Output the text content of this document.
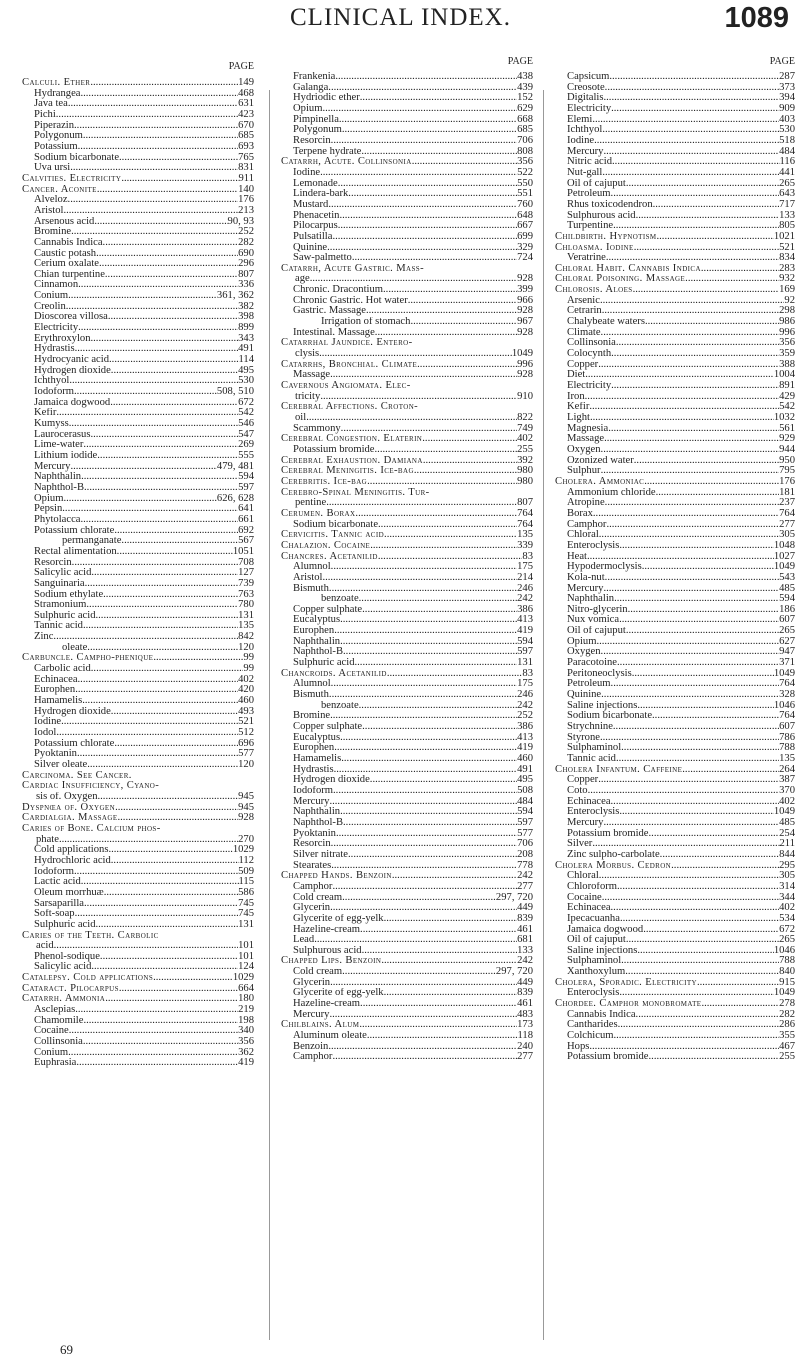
CLINICAL INDEX.	1089
PAGE
Calculi. Ether .....	149
Hydrangea .....	468
Java tea .....	631
Pichi .....	423
Piperazin .....	670
Polygonum .....	685
Potassium .....	693
Sodium bicarbonate .....	765
Uva ursi .....	831
Calvities. Electricity .....	911
Cancer. Aconite .....	140
Alveloz .....	176
Aristol .....	213
Arsenous acid .....	90, 93
Bromine .....	252
Cannabis Indica .....	282
Caustic potash .....	690
Cerium oxalate .....	296
Chian turpentine .....	807
Cinnamon .....	336
Conium .....	361, 362
Creolin .....	382
Dioscorea villosa .....	398
Electricity .....	899
Erythroxylon .....	343
Hydrastis .....	491
Hydrocyanic acid .....	114
Hydrogen dioxide .....	495
Ichthyol .....	530
Iodoform .....	508, 510
Jamaica dogwood .....	672
Kefir .....	542
Kumyss .....	546
Laurocerasus .....	547
Lime-water .....	269
Lithium iodide .....	555
Mercury .....	479, 481
Naphthalin .....	594
Naphthol-B .....	597
Opium .....	626, 628
Pepsin .....	641
Phytolacca .....	661
Potassium chlorate .....	692
permanganate .....	567
Rectal alimentation .....	1051
Resorcin .....	708
Salicylic acid .....	127
Sanguinaria .....	739
Sodium ethylate .....	763
Stramonium .....	780
Sulphuric acid .....	131
Tannic acid .....	135
Zinc .....	842
oleate .....	120
Carbuncle. Campho-phenique .....	99
Carbolic acid .....	99
Echinacea .....	402
Europhen .....	420
Hamamelis .....	460
Hydrogen dioxide .....	493
Iodine .....	521
Iodol .....	512
Potassium chlorate .....	696
Pyoktanin .....	577
Silver oleate .....	120
Carcinoma. See Cancer.
Cardiac Insufficiency, Cyano-
sis of. Oxygen .....	945
Dyspnœa of. Oxygen .....	945
Cardialgia. Massage .....	928
Caries of Bone. Calcium phos-
phate .....	270
Cold applications .....	1029
Hydrochloric acid .....	112
Iodoform .....	509
Lactic acid .....	115
Oleum morrhuæ .....	586
Sarsaparilla .....	745
Soft-soap .....	745
Sulphuric acid .....	131
Caries of the Teeth. Carbolic
acid .....	101
Phenol-sodique .....	101
Salicylic acid .....	124
Catalepsy. Cold applications .....	1029
Cataract. Pilocarpus .....	664
Catarrh. Ammonia .....	180
Asclepias .....	219
Chamomile .....	198
Cocaine .....	340
Collinsonia .....	356
Conium .....	362
Euphrasia .....	419
PAGE
Frankenia .....	438
Galanga .....	439
Hydriodic ether .....	152
Opium .....	629
Pimpinella .....	668
Polygonum .....	685
Resorcin .....	706
Terpene hydrate .....	808
Catarrh, Acute. Collinsonia .....	356
Iodine .....	522
Lemonade .....	550
Lindera-bark .....	551
Mustard .....	760
Phenacetin .....	648
Pilocarpus .....	667
Pulsatilla .....	699
Quinine .....	329
Saw-palmetto .....	724
Catarrh, Acute Gastric. Mass-
age .....	928
Chronic. Dracontium .....	399
Chronic Gastric. Hot water .....	966
Gastric. Massage .....	928
Irrigation of stomach .....	967
Intestinal. Massage .....	928
Catarrhal Jaundice. Entero-
clysis .....	1049
Catarrhs, Bronchial. Climate .....	996
Massage .....	928
Cavernous Angiomata. Elec-
tricity .....	910
Cerebral Affections. Croton-
oil .....	822
Scammony .....	749
Cerebral Congestion. Elaterin .....	402
Potassium bromide .....	255
Cerebral Exhaustion. Damiana .....	392
Cerebral Meningitis. Ice-bag .....	980
Cerebritis. Ice-bag .....	980
Cerebro-Spinal Meningitis. Tur-
pentine .....	807
Cerumen. Borax .....	764
Sodium bicarbonate .....	764
Cervicitis. Tannic acid .....	135
Chalazion. Cocaine .....	339
Chancres. Acetanilid .....	83
Alumnol .....	175
Aristol .....	214
Bismuth .....	246
benzoate .....	242
Copper sulphate .....	386
Eucalyptus .....	413
Europhen .....	419
Naphthalin .....	594
Naphthol-B .....	597
Sulphuric acid .....	131
Chancroids. Acetanilid .....	83
Alumnol .....	175
Bismuth .....	246
benzoate .....	242
Bromine .....	252
Copper sulphate .....	386
Eucalyptus .....	413
Europhen .....	419
Hamamelis .....	460
Hydrastis .....	491
Hydrogen dioxide .....	495
Iodoform .....	508
Mercury .....	484
Naphthalin .....	594
Naphthol-B .....	597
Pyoktanin .....	577
Resorcin .....	706
Silver nitrate .....	208
Stearates .....	778
Chapped Hands. Benzoin .....	242
Camphor .....	277
Cold cream .....	297, 720
Glycerin .....	449
Glycerite of egg-yelk .....	839
Hazeline-cream .....	461
Lead .....	681
Sulphurous acid .....	133
Chapped Lips. Benzoin .....	242
Cold cream .....	297, 720
Glycerin .....	449
Glycerite of egg-yelk .....	839
Hazeline-cream .....	461
Mercury .....	483
Chilblains. Alum .....	173
Aluminum oleate .....	118
Benzoin .....	240
Camphor .....	277
PAGE
Capsicum .....	287
Creosote .....	373
Digitalis .....	394
Electricity .....	909
Elemi .....	403
Ichthyol .....	530
Iodine .....	518
Mercury .....	484
Nitric acid .....	116
Nut-gall .....	441
Oil of cajuput .....	265
Petroleum .....	643
Rhus toxicodendron .....	717
Sulphurous acid .....	133
Turpentine .....	805
Childbirth. Hypnotism .....	1021
Chloasma. Iodine .....	521
Veratrine .....	834
Chloral Habit. Cannabis Indica .....	283
Chloral Poisoning. Massage .....	932
Chlorosis. Aloes .....	169
Arsenic .....	92
Cetrarin .....	298
Chalybeate waters .....	986
Climate .....	996
Collinsonia .....	356
Colocynth .....	359
Copper .....	388
Diet .....	1004
Electricity .....	891
Iron .....	429
Kefir .....	542
Light .....	1032
Magnesia .....	561
Massage .....	929
Oxygen .....	944
Ozonized water .....	950
Sulphur .....	795
Cholera. Ammoniac .....	176
Ammonium chloride .....	181
Atropine .....	237
Borax .....	764
Camphor .....	277
Chloral .....	305
Enteroclysis .....	1048
Heat .....	1027
Hypodermoclysis .....	1049
Kola-nut .....	543
Mercury .....	485
Naphthalin .....	594
Nitro-glycerin .....	186
Nux vomica .....	607
Oil of cajuput .....	265
Opium .....	627
Oxygen .....	947
Paracotoine .....	371
Peritoneoclysis .....	1049
Petroleum .....	764
Quinine .....	328
Saline injections .....	1046
Sodium bicarbonate .....	764
Strychnine .....	607
Styrone .....	786
Sulphaminol .....	788
Tannic acid .....	135
Cholera Infantum. Caffeine .....	264
Copper .....	387
Coto .....	370
Echinacea .....	402
Enteroclysis .....	1049
Mercury .....	485
Potassium bromide .....	254
Silver .....	211
Zinc sulpho-carbolate .....	844
Cholera Morbus. Cedron .....	295
Chloral .....	305
Chloroform .....	314
Cocaine .....	344
Echinacea .....	402
Ipecacuanha .....	534
Jamaica dogwood .....	672
Oil of cajuput .....	265
Saline injections .....	1046
Sulphaminol .....	788
Xanthoxylum .....	840
Cholera, Sporadic. Electricity .....	915
Enteroclysis .....	1049
Chordee. Camphor monobromate .....	278
Cannabis Indica .....	282
Cantharides .....	286
Colchicum .....	355
Hops .....	467
Potassium bromide .....	255
69
